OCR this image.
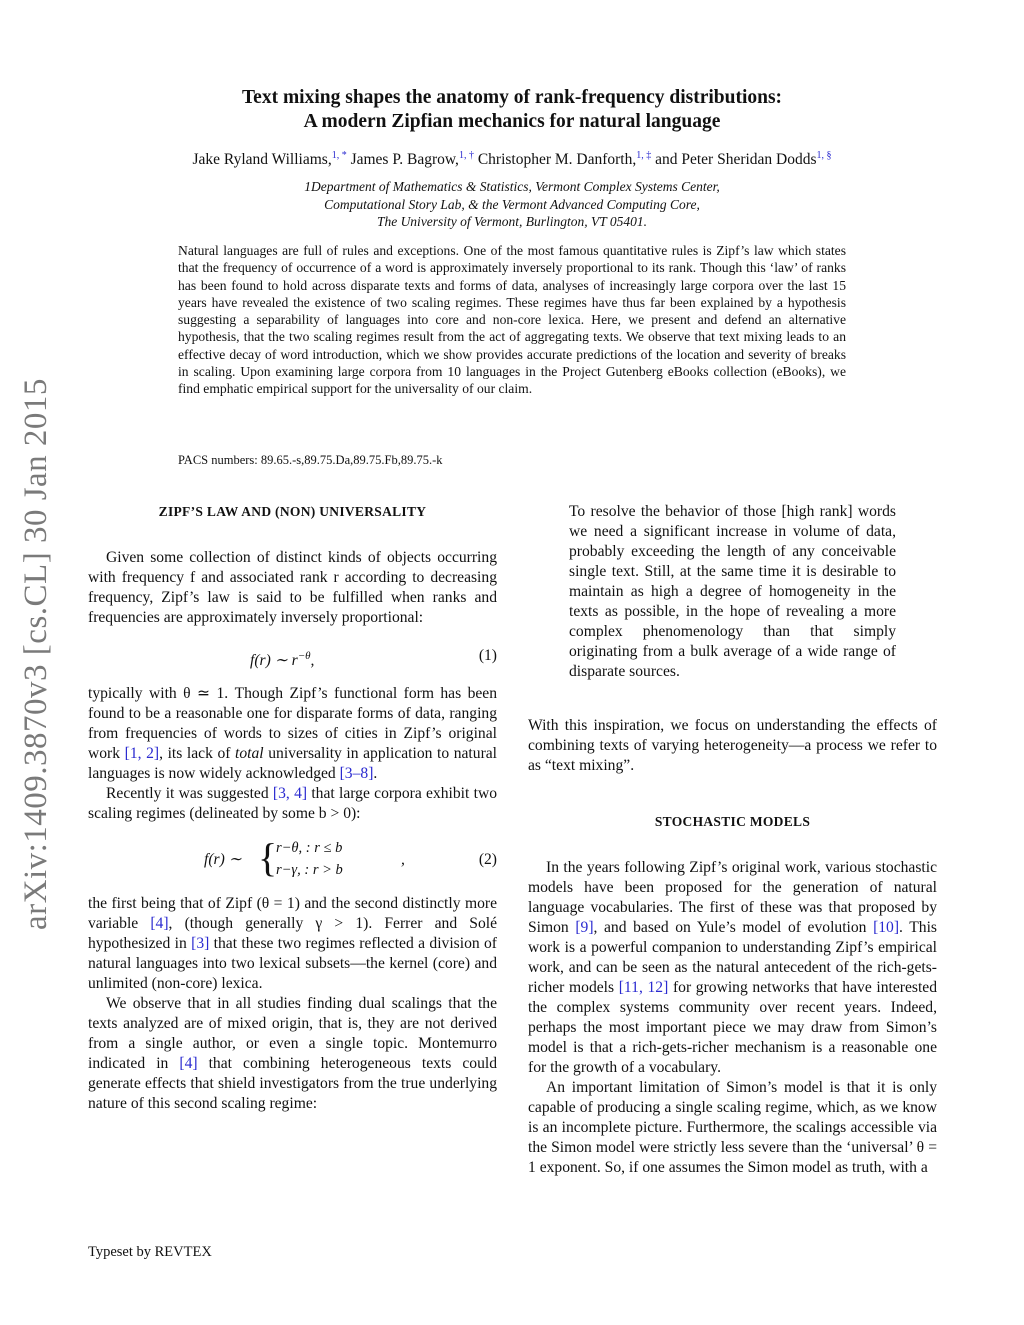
arXiv:1409.3870v3 [cs.CL] 30 Jan 2015
Text mixing shapes the anatomy of rank-frequency distributions:
A modern Zipfian mechanics for natural language
Jake Ryland Williams,$^{1, *}$ James P. Bagrow,$^{1, \dagger}$ Christopher M. Danforth,$^{1, \ddagger}$ and Peter Sheridan Dodds$^{1, \S}$
1Department of Mathematics & Statistics, Vermont Complex Systems Center,
Computational Story Lab, & the Vermont Advanced Computing Core,
The University of Vermont, Burlington, VT 05401.
Natural languages are full of rules and exceptions. One of the most famous quantitative rules is Zipf’s law which states that the frequency of occurrence of a word is approximately inversely proportional to its rank. Though this ‘law’ of ranks has been found to hold across disparate texts and forms of data, analyses of increasingly large corpora over the last 15 years have revealed the existence of two scaling regimes. These regimes have thus far been explained by a hypothesis suggesting a separability of languages into core and non-core lexica. Here, we present and defend an alternative hypothesis, that the two scaling regimes result from the act of aggregating texts. We observe that text mixing leads to an effective decay of word introduction, which we show provides accurate predictions of the location and severity of breaks in scaling. Upon examining large corpora from 10 languages in the Project Gutenberg eBooks collection (eBooks), we find emphatic empirical support for the universality of our claim.
PACS numbers: 89.65.-s,89.75.Da,89.75.Fb,89.75.-k
ZIPF’S LAW AND (NON) UNIVERSALITY

Given some collection of distinct kinds of objects occurring with frequency f and associated rank r according to decreasing frequency, Zipf’s law is said to be fulfilled when ranks and frequencies are approximately inversely proportional:

f(r) ∼ $r^{-\theta}$,	(1)

typically with θ ≃ 1. Though Zipf’s functional form has been found to be a reasonable one for disparate forms of data, ranging from frequencies of words to sizes of cities in Zipf’s original work [1, 2], its lack of total universality in application to natural languages is now widely acknowledged [3–8].

Recently it was suggested [3, 4] that large corpora exhibit two scaling regimes (delineated by some b > 0):

f(r) ∼ {
r−θ, : r ≤ b
r−γ, : r > b
,	(2)

the first being that of Zipf (θ = 1) and the second distinctly more variable [4], (though generally γ > 1). Ferrer and Solé hypothesized in [3] that these two regimes reflected a division of natural languages into two lexical subsets—the kernel (core) and unlimited (non-core) lexica.

We observe that in all studies finding dual scalings that the texts analyzed are of mixed origin, that is, they are not derived from a single author, or even a single topic. Montemurro indicated in [4] that combining heterogeneous texts could generate effects that shield investigators from the true underlying nature of this second scaling regime:

To resolve the behavior of those [high rank] words we need a significant increase in volume of data, probably exceeding the length of any conceivable single text. Still, at the same time it is desirable to maintain as high a degree of homogeneity in the texts as possible, in the hope of revealing a more complex phenomenology than that simply originating from a bulk average of a wide range of disparate sources.

With this inspiration, we focus on understanding the effects of combining texts of varying heterogeneity—a process we refer to as “text mixing”.

STOCHASTIC MODELS

In the years following Zipf’s original work, various stochastic models have been proposed for the generation of natural language vocabularies. The first of these was that proposed by Simon [9], and based on Yule’s model of evolution [10]. This work is a powerful companion to understanding Zipf’s empirical work, and can be seen as the natural antecedent of the rich-gets-richer models [11, 12] for growing networks that have interested the complex systems community over recent years. Indeed, perhaps the most important piece we may draw from Simon’s model is that a rich-gets-richer mechanism is a reasonable one for the growth of a vocabulary.

An important limitation of Simon’s model is that it is only capable of producing a single scaling regime, which, as we know is an incomplete picture. Furthermore, the scalings accessible via the Simon model were strictly less severe than the ‘universal’ θ = 1 exponent. So, if one assumes the Simon model as truth, with a

Typeset by REVTEX
